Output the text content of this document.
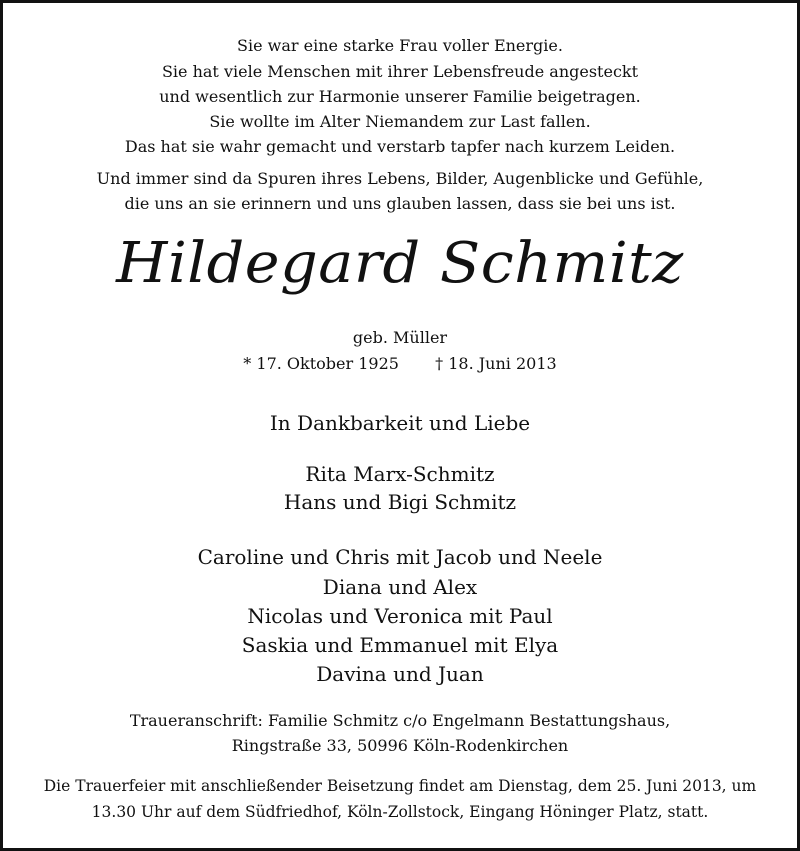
Sie war eine starke Frau voller Energie.
Sie hat viele Menschen mit ihrer Lebensfreude angesteckt
und wesentlich zur Harmonie unserer Familie beigetragen.
Sie wollte im Alter Niemandem zur Last fallen.
Das hat sie wahr gemacht und verstarb tapfer nach kurzem Leiden.
Und immer sind da Spuren ihres Lebens, Bilder, Augenblicke und Gefühle,
die uns an sie erinnern und uns glauben lassen, dass sie bei uns ist.
Hildegard Schmitz
geb. Müller
* 17. Oktober 1925 † 18. Juni 2013
In Dankbarkeit und Liebe
Rita Marx-Schmitz
Hans und Bigi Schmitz
Caroline und Chris mit Jacob und Neele
Diana und Alex
Nicolas und Veronica mit Paul
Saskia und Emmanuel mit Elya
Davina und Juan
Traueranschrift: Familie Schmitz c/o Engelmann Bestattungshaus,
Ringstraße 33, 50996 Köln-Rodenkirchen
Die Trauerfeier mit anschließender Beisetzung findet am Dienstag, dem 25. Juni 2013, um
13.30 Uhr auf dem Südfriedhof, Köln-Zollstock, Eingang Höninger Platz, statt.
